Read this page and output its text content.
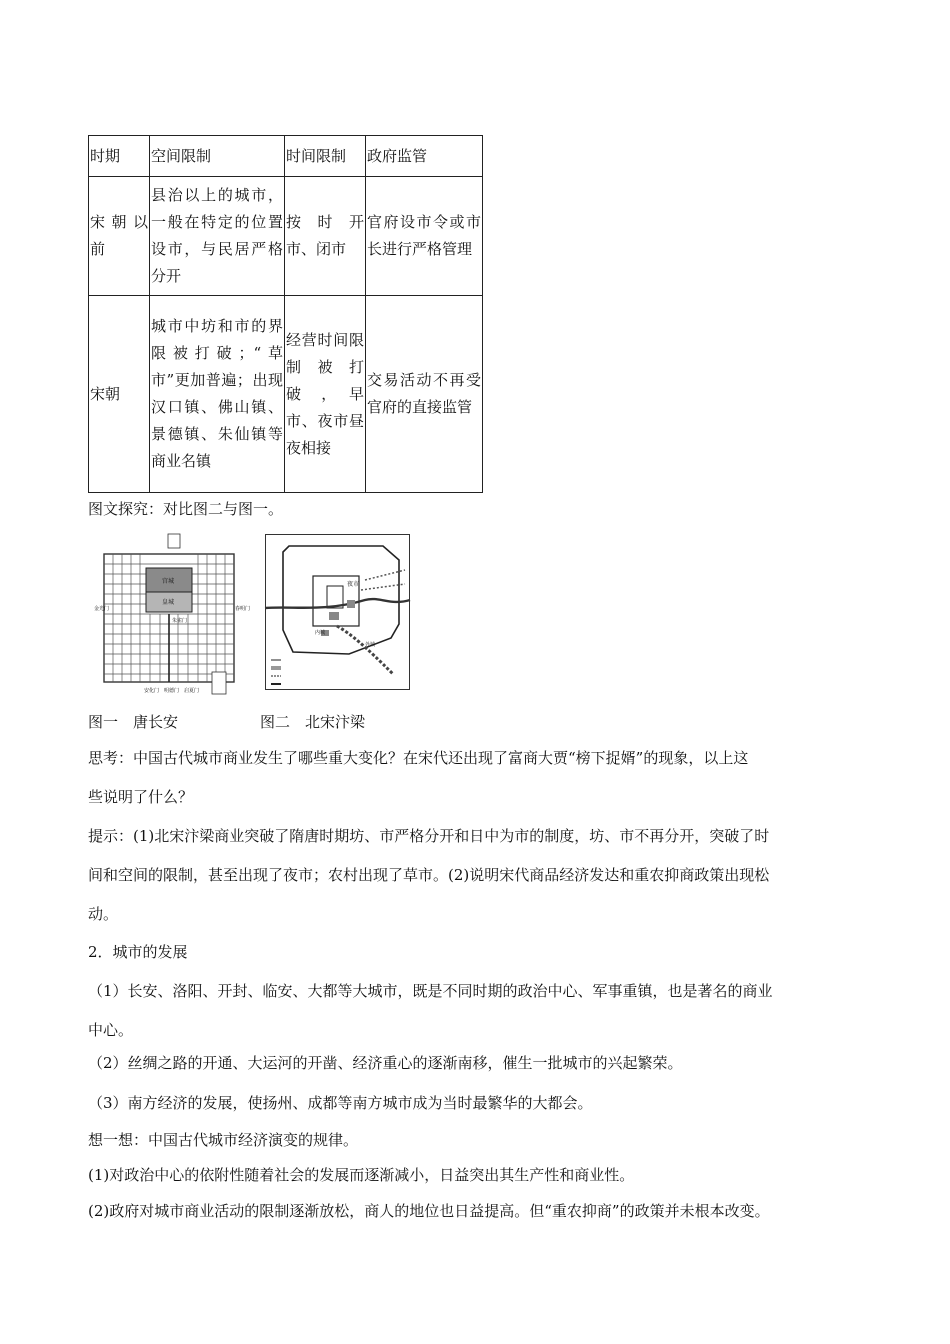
时期	空间限制	时间限制	政府监管
宋朝以前	县治以上的城市，一般在特定的位置设市，与民居严格分开	按　时　开市、闭市	官府设市令或市长进行严格管理
宋朝	城市中坊和市的界限被打破；“草市”更加普遍；出现汉口镇、佛山镇、景德镇、朱仙镇等商业名镇	经营时间限制被打破　，　早市、夜市昼夜相接	交易活动不再受官府的直接监管
图文探究：对比图二与图一。
宫城
皇城
朱雀门
春明门
金光门
安化门 明德门 启夏门
夜市
内城
外城
图一　唐长安	图二　北宋汴梁
思考：中国古代城市商业发生了哪些重大变化？在宋代还出现了富商大贾“榜下捉婿”的现象，以上这
些说明了什么？
提示：(1)北宋汴梁商业突破了隋唐时期坊、市严格分开和日中为市的制度，坊、市不再分开，突破了时
间和空间的限制，甚至出现了夜市；农村出现了草市。(2)说明宋代商品经济发达和重农抑商政策出现松
动。
2．城市的发展
（1）长安、洛阳、开封、临安、大都等大城市，既是不同时期的政治中心、军事重镇，也是著名的商业
中心。
（2）丝绸之路的开通、大运河的开凿、经济重心的逐渐南移，催生一批城市的兴起繁荣。
（3）南方经济的发展，使扬州、成都等南方城市成为当时最繁华的大都会。
想一想：中国古代城市经济演变的规律。
(1)对政治中心的依附性随着社会的发展而逐渐减小，日益突出其生产性和商业性。
(2)政府对城市商业活动的限制逐渐放松，商人的地位也日益提高。但“重农抑商”的政策并未根本改变。
